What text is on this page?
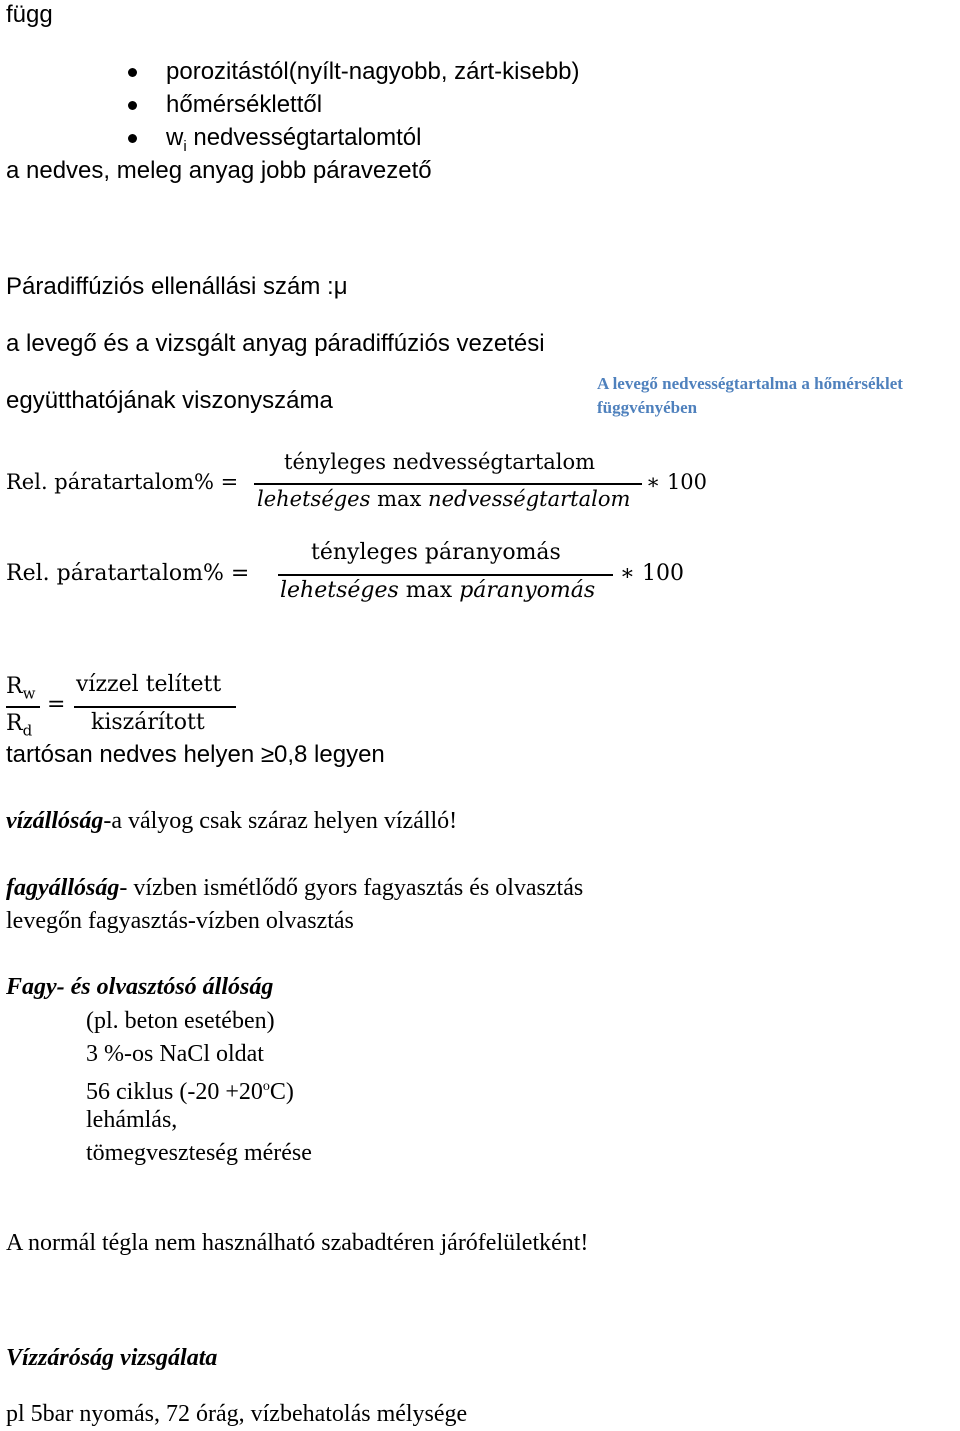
függ
porozitástól(nyílt-nagyobb, zárt-kisebb)
hőmérséklettől
$w_i$ nedvességtartalomtól
a nedves, meleg anyag jobb páravezető
Páradiffúziós ellenállási szám :μ
a levegő és a vizsgált anyag páradiffúziós vezetési
együtthatójának viszonyszáma
A levegő nedvességtartalma a hőmérséklet
függvényében
Rel. páratartalom% =
tényleges nedvességtartalom
lehetséges max nedvességtartalom
∗ 100
Rel. páratartalom% =
tényleges páranyomás
lehetséges max páranyomás
∗ 100
$R_w$
$R_d$
=
vízzel telített
kiszárított
tartósan nedves helyen ≥0,8 legyen
vízállóság-a vályog csak száraz helyen vízálló!
fagyállóság- vízben ismétlődő gyors fagyasztás és olvasztás
levegőn fagyasztás-vízben olvasztás
Fagy- és olvasztósó állóság
(pl. beton esetében)
3 %-os NaCl oldat
56 ciklus $(-20 +20^oC)$
lehámlás,
tömegveszteség mérése
A normál tégla nem használható szabadtéren járófelületként!
Vízzáróság vizsgálata
pl 5bar nyomás, 72 órág, vízbehatolás mélysége
